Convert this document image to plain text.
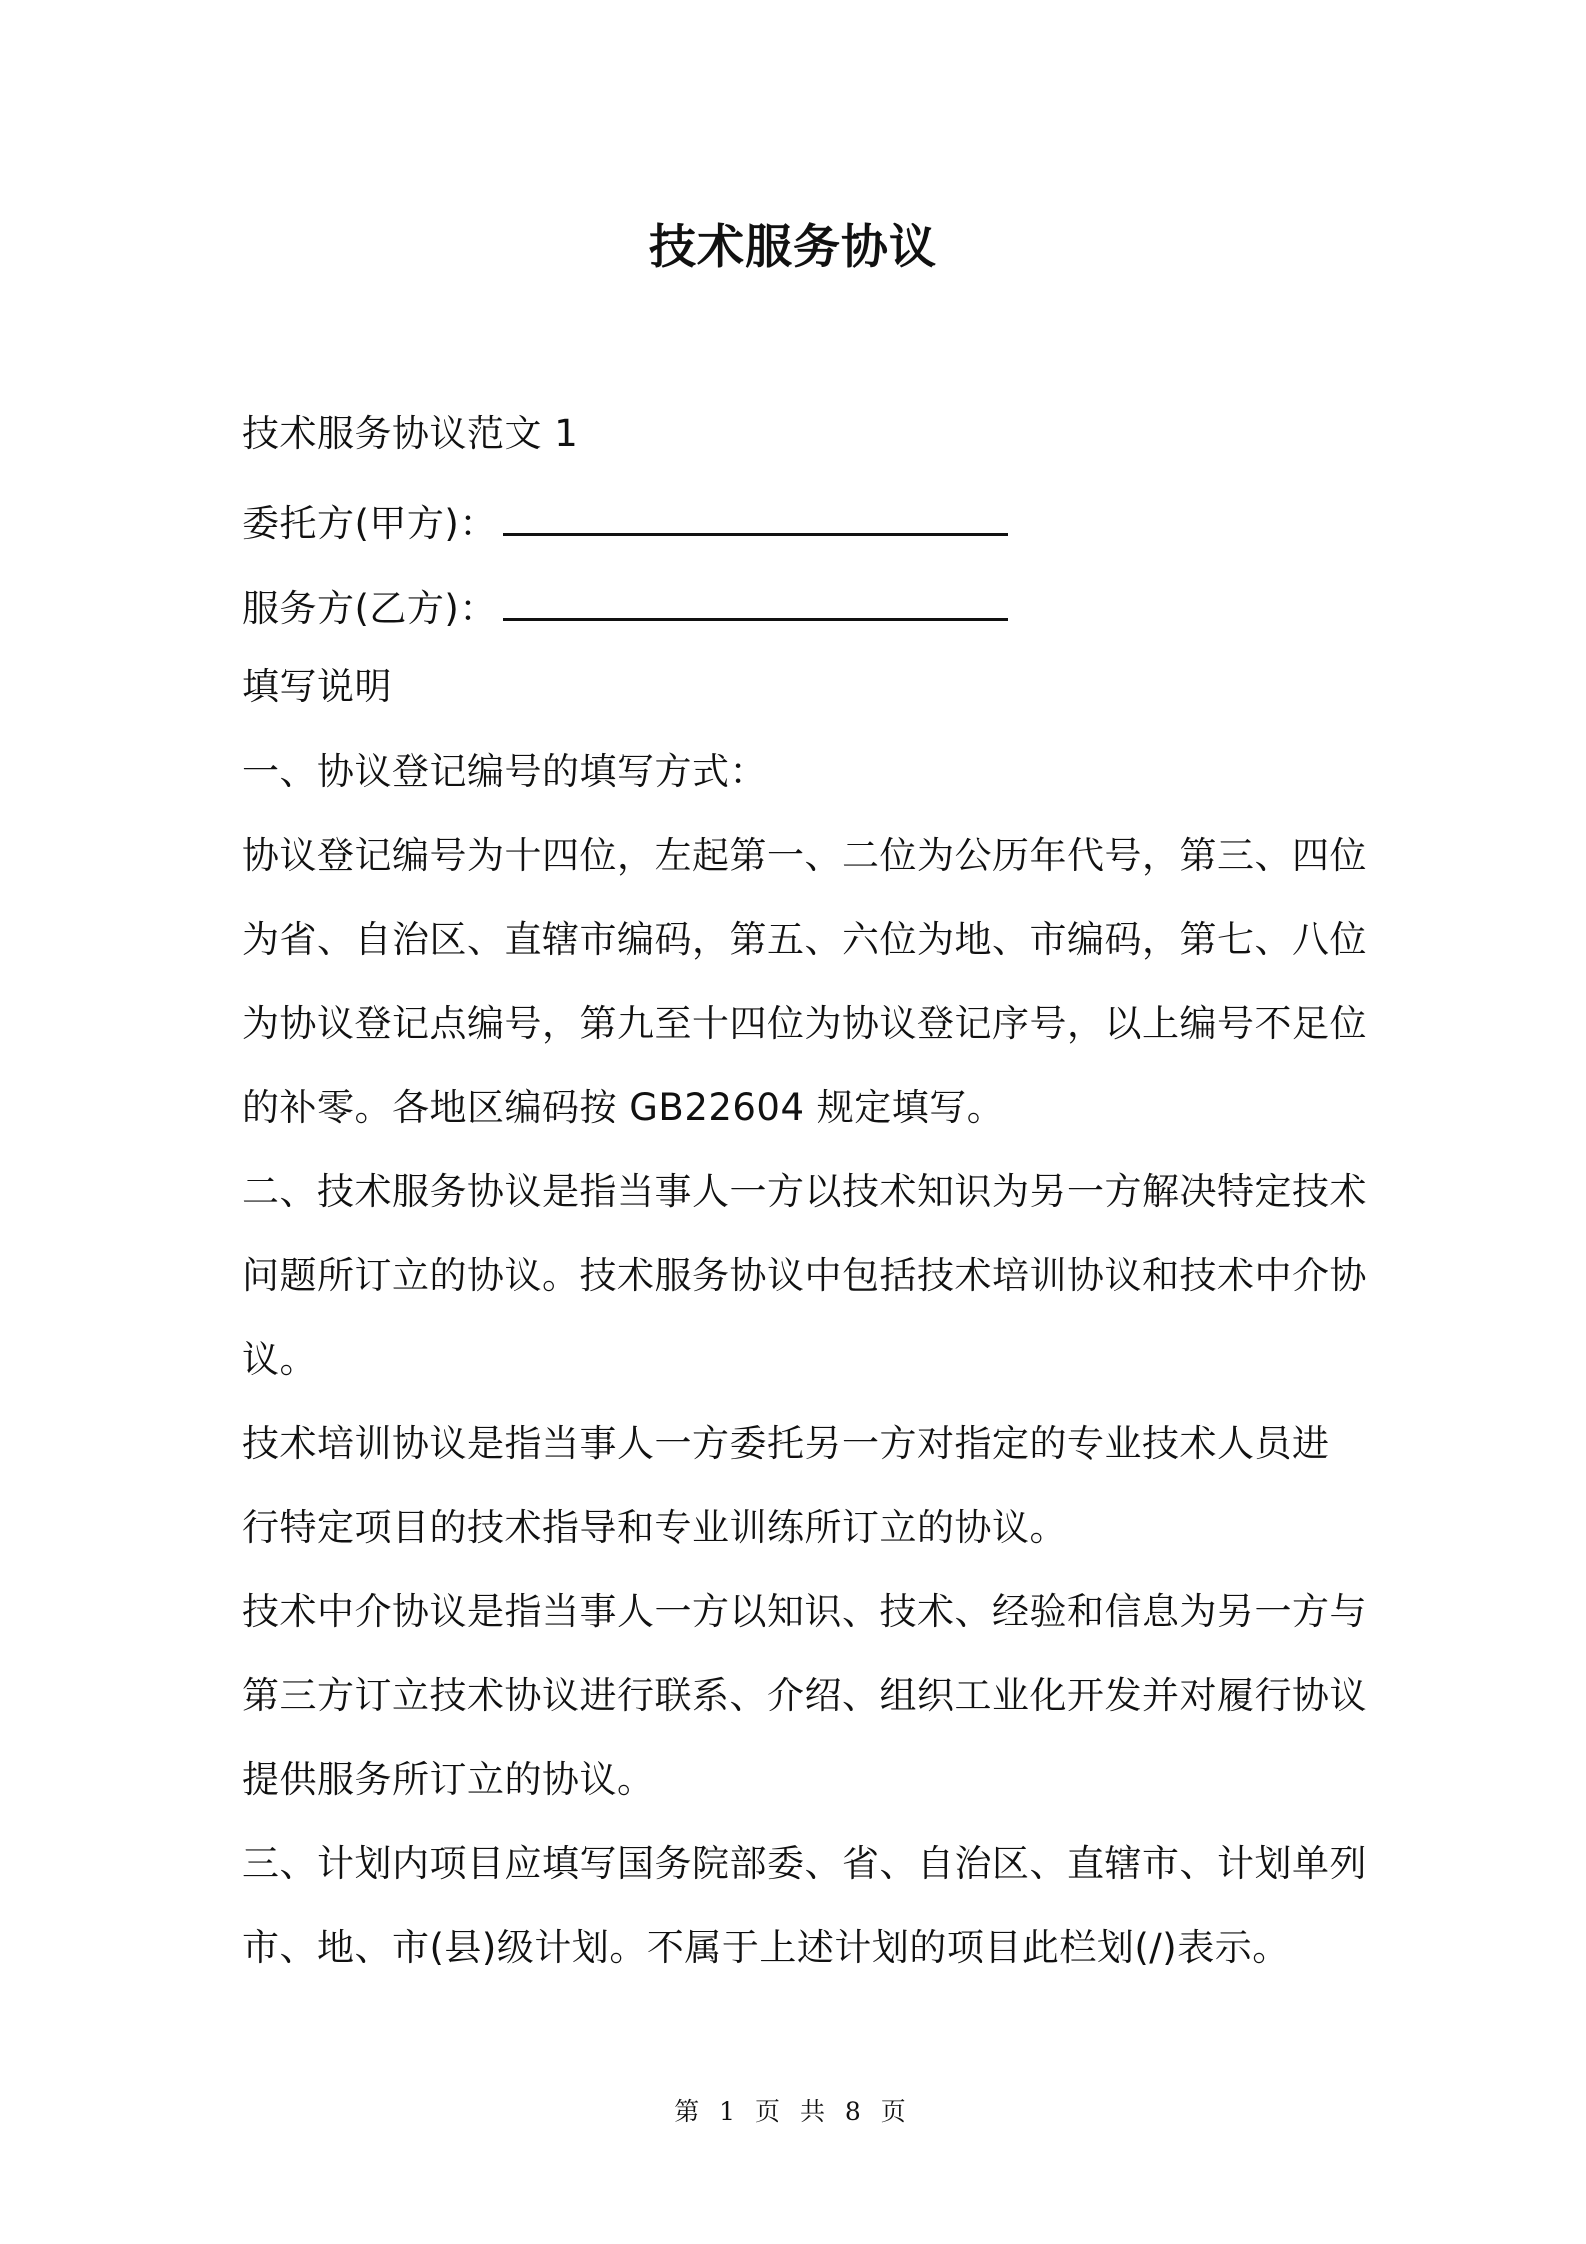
技术服务协议
技术服务协议范文 1
委托方(甲方)：
服务方(乙方)：
填写说明
一、协议登记编号的填写方式：
协议登记编号为十四位，左起第一、二位为公历年代号，第三、四位
为省、自治区、直辖市编码，第五、六位为地、市编码，第七、八位
为协议登记点编号，第九至十四位为协议登记序号，以上编号不足位
的补零。各地区编码按 GB22604 规定填写。
二、技术服务协议是指当事人一方以技术知识为另一方解决特定技术
问题所订立的协议。技术服务协议中包括技术培训协议和技术中介协
议。
技术培训协议是指当事人一方委托另一方对指定的专业技术人员进
行特定项目的技术指导和专业训练所订立的协议。
技术中介协议是指当事人一方以知识、技术、经验和信息为另一方与
第三方订立技术协议进行联系、介绍、组织工业化开发并对履行协议
提供服务所订立的协议。
三、计划内项目应填写国务院部委、省、自治区、直辖市、计划单列
市、地、市(县)级计划。不属于上述计划的项目此栏划(/)表示。
第 1 页 共 8 页
